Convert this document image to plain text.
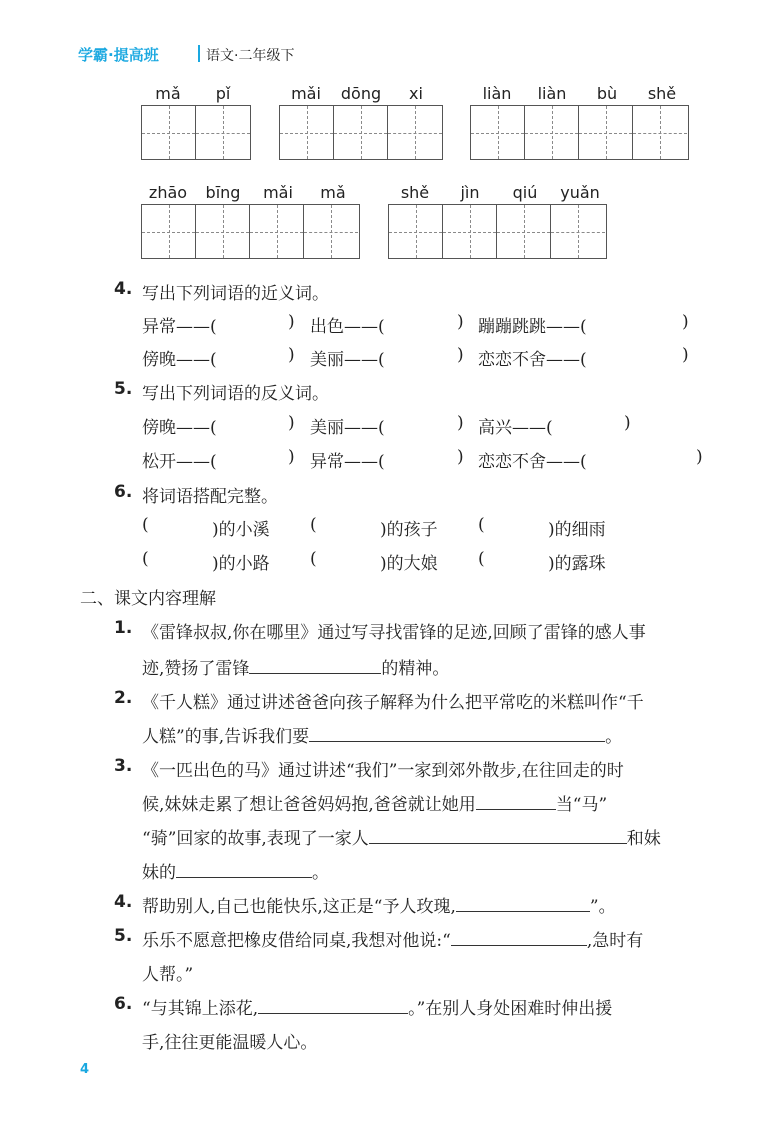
学霸·提高班	语文·二年级下
mǎ	pǐ	mǎi	dōng	xi	liàn	liàn	bù	shě
zhāo	bīng	mǎi	mǎ	shě	jìn	qiú	yuǎn
4. 写出下列词语的近义词。
异常——(	) 出色——(	) 蹦蹦跳跳——(	)
傍晚——(	) 美丽——(	) 恋恋不舍——(	)
5. 写出下列词语的反义词。
傍晚——(	) 美丽——(	) 高兴——(	)
松开——(	) 异常——(	) 恋恋不舍——(	)
6. 将词语搭配完整。
(	)的小溪 (	)的孩子 (	)的细雨
(	)的小路 (	)的大娘 (	)的露珠
二、课文内容理解
1. 《雷锋叔叔,你在哪里》通过写寻找雷锋的足迹,回顾了雷锋的感人事
迹,赞扬了雷锋	的精神。
2. 《千人糕》通过讲述爸爸向孩子解释为什么把平常吃的米糕叫作“千
人糕”的事,告诉我们要	。
3. 《一匹出色的马》通过讲述“我们”一家到郊外散步,在往回走的时
候,妹妹走累了想让爸爸妈妈抱,爸爸就让她用	当“马”
“骑”回家的故事,表现了一家人	和妹
妹的	。
4. 帮助别人,自己也能快乐,这正是“予人玫瑰,	”。
5. 乐乐不愿意把橡皮借给同桌,我想对他说:“	,急时有
人帮。”
6. “与其锦上添花,	。”在别人身处困难时伸出援
手,往往更能温暖人心。
4
